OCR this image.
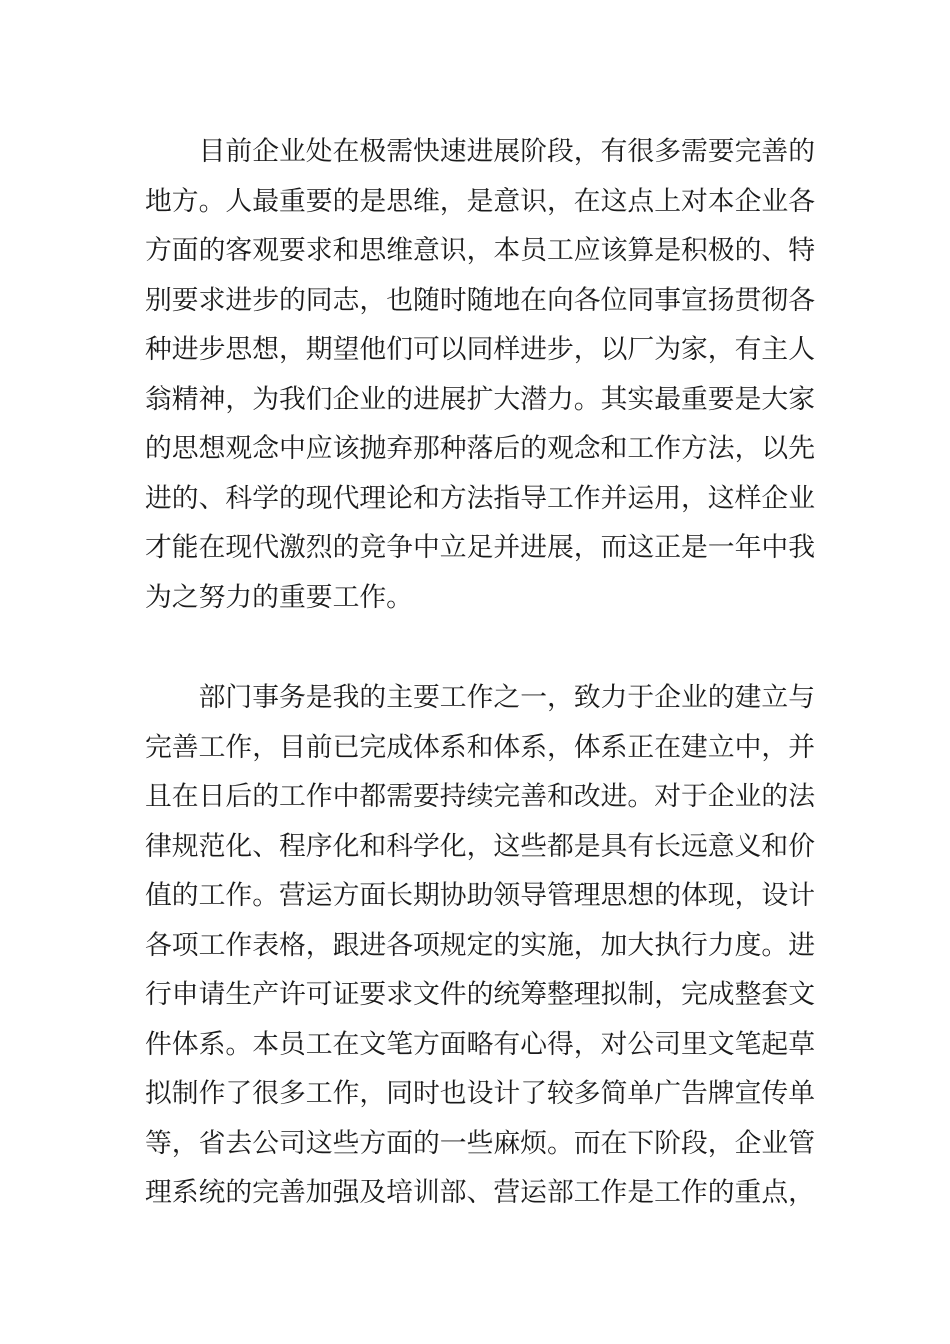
目前企业处在极需快速进展阶段，有很多需要完善的地方。人最重要的是思维，是意识，在这点上对本企业各方面的客观要求和思维意识，本员工应该算是积极的、特别要求进步的同志，也随时随地在向各位同事宣扬贯彻各种进步思想，期望他们可以同样进步，以厂为家，有主人翁精神，为我们企业的进展扩大潜力。其实最重要是大家的思想观念中应该抛弃那种落后的观念和工作方法，以先进的、科学的现代理论和方法指导工作并运用，这样企业才能在现代激烈的竞争中立足并进展，而这正是一年中我为之努力的重要工作。

部门事务是我的主要工作之一，致力于企业的建立与完善工作，目前已完成体系和体系，体系正在建立中，并且在日后的工作中都需要持续完善和改进。对于企业的法律规范化、程序化和科学化，这些都是具有长远意义和价值的工作。营运方面长期协助领导管理思想的体现，设计各项工作表格，跟进各项规定的实施，加大执行力度。进行申请生产许可证要求文件的统筹整理拟制，完成整套文件体系。本员工在文笔方面略有心得，对公司里文笔起草拟制作了很多工作，同时也设计了较多简单广告牌宣传单等，省去公司这些方面的一些麻烦。而在下阶段，企业管理系统的完善加强及培训部、营运部工作是工作的重点，
